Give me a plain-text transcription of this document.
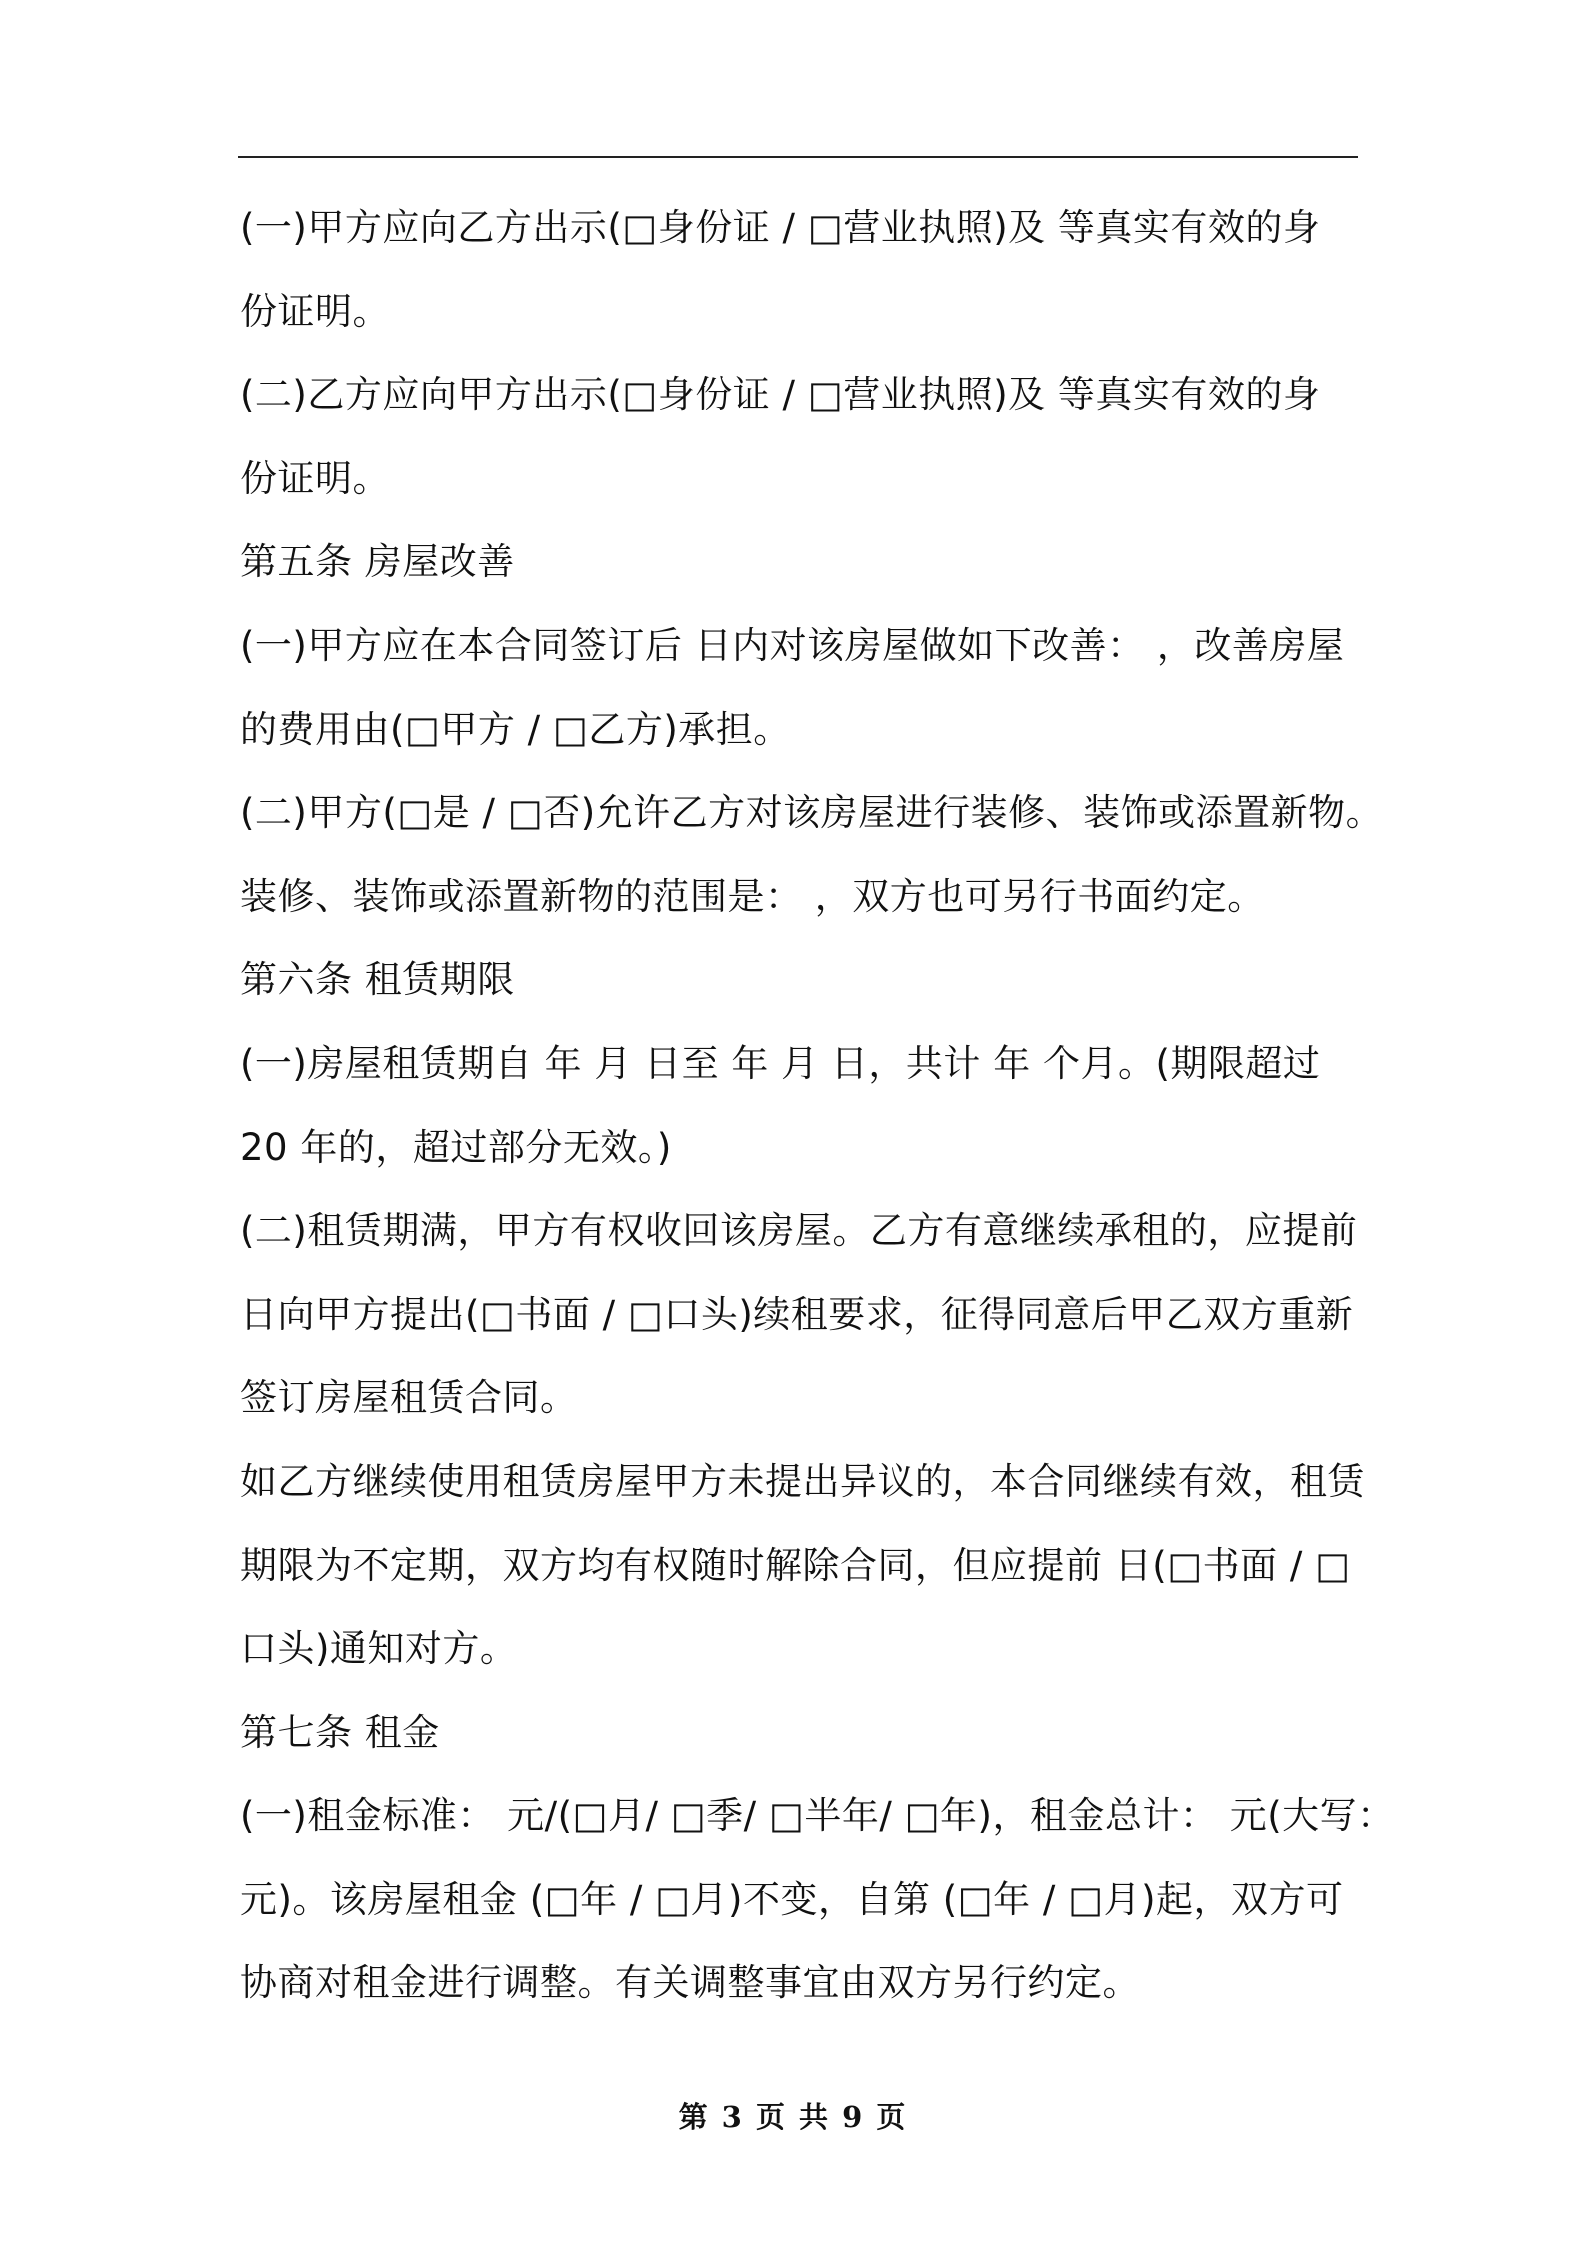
(一)甲方应向乙方出示(□身份证 / □营业执照)及 等真实有效的身
份证明。
(二)乙方应向甲方出示(□身份证 / □营业执照)及 等真实有效的身
份证明。
第五条 房屋改善
(一)甲方应在本合同签订后 日内对该房屋做如下改善： ，改善房屋
的费用由(□甲方 / □乙方)承担。
(二)甲方(□是 / □否)允许乙方对该房屋进行装修、装饰或添置新物。
装修、装饰或添置新物的范围是： ，双方也可另行书面约定。
第六条 租赁期限
(一)房屋租赁期自 年 月 日至 年 月 日，共计 年 个月。(期限超过
20 年的，超过部分无效。)
(二)租赁期满，甲方有权收回该房屋。乙方有意继续承租的，应提前
日向甲方提出(□书面 / □口头)续租要求，征得同意后甲乙双方重新
签订房屋租赁合同。
如乙方继续使用租赁房屋甲方未提出异议的，本合同继续有效，租赁
期限为不定期，双方均有权随时解除合同，但应提前 日(□书面 / □
口头)通知对方。
第七条 租金
(一)租金标准： 元/(□月/ □季/ □半年/ □年)，租金总计： 元(大写：
元)。该房屋租金 (□年 / □月)不变，自第 (□年 / □月)起，双方可
协商对租金进行调整。有关调整事宜由双方另行约定。
第 3 页 共 9 页
